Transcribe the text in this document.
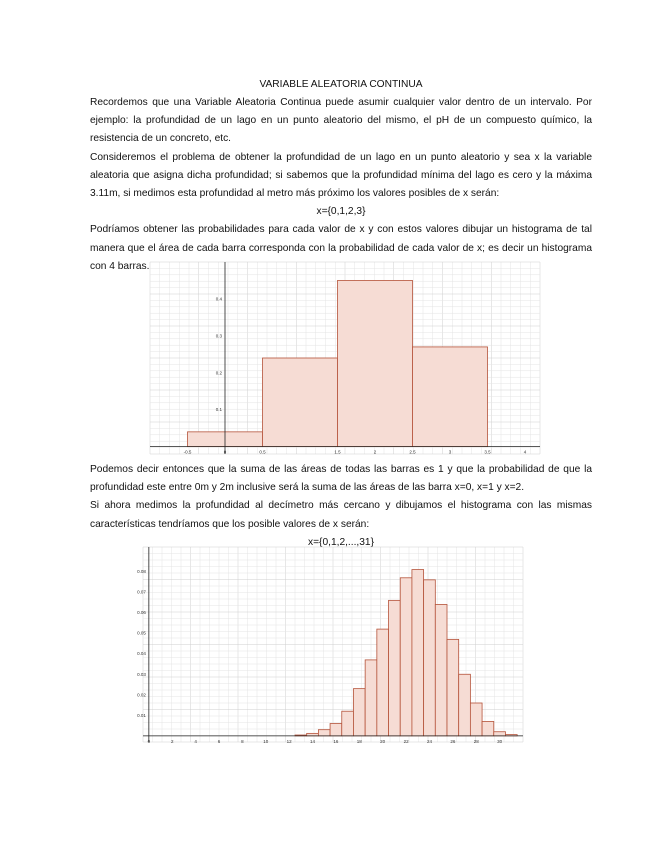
VARIABLE ALEATORIA CONTINUA

Recordemos que una Variable Aleatoria Continua puede asumir cualquier valor dentro de un intervalo. Por ejemplo: la profundidad de un lago en un punto aleatorio del mismo, el pH de un compuesto químico, la resistencia de un concreto, etc.

Consideremos el problema de obtener la profundidad de un lago en un punto aleatorio y sea x la variable aleatoria que asigna dicha profundidad; si sabemos que la profundidad mínima del lago es cero y la máxima 3.11m, si medimos esta profundidad al metro más próximo los valores posibles de x serán:

x={0,1,2,3}

Podríamos obtener las probabilidades para cada valor de x y con estos valores dibujar un histograma de tal manera que el área de cada barra corresponda con la probabilidad de cada valor de x; es decir un histograma con 4 barras.

-0.5	0	0.5	1.5	2	2.5	3	3.5	4
0.1
0.2
0.3
0.4

Podemos decir entonces que la suma de las áreas de todas las barras es 1 y que la probabilidad de que la profundidad este entre 0m y 2m inclusive será la suma de las áreas de las barra x=0, x=1 y x=2.

Si ahora medimos la profundidad al decímetro más cercano y dibujamos el histograma con las mismas características tendríamos que los posible valores de x serán:

x={0,1,2,...,31}

0	2	4	6	8	10	12	14	16	18	20	22	24	26	28	30
0.01
0.02
0.03
0.04
0.05
0.06
0.07
0.08
